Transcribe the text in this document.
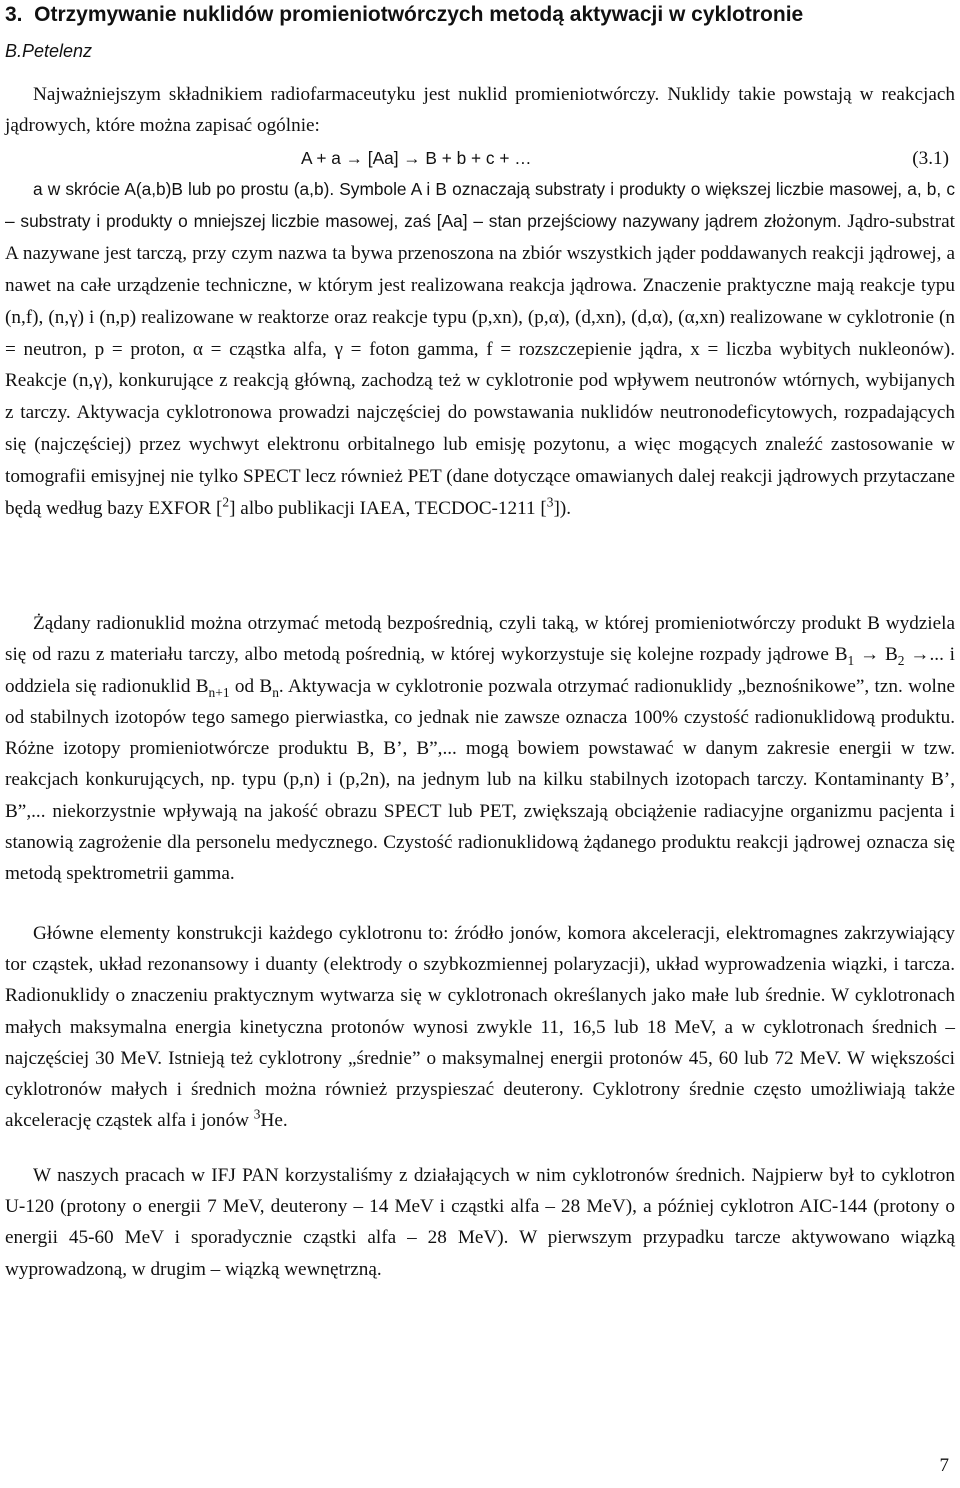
3.  Otrzymywanie nuklidów promieniotwórczych metodą aktywacji w cyklotronie
B.Petelenz

Najważniejszym składnikiem radiofarmaceutyku jest nuklid promieniotwórczy. Nuklidy takie powstają w reakcjach jądrowych, które można zapisać ogólnie:

A + a → [Aa] → B + b + c + …	(3.1)

a w skrócie A(a,b)B lub po prostu (a,b). Symbole A i B oznaczają substraty i produkty o większej liczbie masowej, a, b, c – substraty i produkty o mniejszej liczbie masowej, zaś [Aa] – stan przejściowy nazywany jądrem złożonym. Jądro-substrat A nazywane jest tarczą, przy czym nazwa ta bywa przenoszona na zbiór wszystkich jąder poddawanych reakcji jądrowej, a nawet na całe urządzenie techniczne, w którym jest realizowana reakcja jądrowa. Znaczenie praktyczne mają reakcje typu (n,f), (n,γ) i (n,p) realizowane w reaktorze oraz reakcje typu (p,xn), (p,α), (d,xn), (d,α), (α,xn) realizowane w cyklotronie (n = neutron, p = proton, α = cząstka alfa, γ = foton gamma, f = rozszczepienie jądra, x = liczba wybitych nukleonów). Reakcje (n,γ), konkurujące z reakcją główną, zachodzą też w cyklotronie pod wpływem neutronów wtórnych, wybijanych z tarczy. Aktywacja cyklotronowa prowadzi najczęściej do powstawania nuklidów neutronodeficytowych, rozpadających się (najczęściej) przez wychwyt elektronu orbitalnego lub emisję pozytonu, a więc mogących znaleźć zastosowanie w tomografii emisyjnej nie tylko SPECT lecz również PET (dane dotyczące omawianych dalej reakcji jądrowych przytaczane będą według bazy EXFOR [$^2$] albo publikacji IAEA, TECDOC-1211 [$^3$]).

Żądany radionuklid można otrzymać metodą bezpośrednią, czyli taką, w której promieniotwórczy produkt B wydziela się od razu z materiału tarczy, albo metodą pośrednią, w której wykorzystuje się kolejne rozpady jądrowe $B_1 \to B_2$ →... i oddziela się radionuklid $B_{n+1}$ od $B_n$. Aktywacja w cyklotronie pozwala otrzymać radionuklidy „beznośnikowe”, tzn. wolne od stabilnych izotopów tego samego pierwiastka, co jednak nie zawsze oznacza 100% czystość radionuklidową produktu. Różne izotopy promieniotwórcze produktu B, B’, B”,... mogą bowiem powstawać w danym zakresie energii w tzw. reakcjach konkurujących, np. typu (p,n) i (p,2n), na jednym lub na kilku stabilnych izotopach tarczy. Kontaminanty B’, B”,... niekorzystnie wpływają na jakość obrazu SPECT lub PET, zwiększają obciążenie radiacyjne organizmu pacjenta i stanowią zagrożenie dla personelu medycznego. Czystość radionuklidową żądanego produktu reakcji jądrowej oznacza się metodą spektrometrii gamma.

Główne elementy konstrukcji każdego cyklotronu to: źródło jonów, komora akceleracji, elektromagnes zakrzywiający tor cząstek, układ rezonansowy i duanty (elektrody o szybkozmiennej polaryzacji), układ wyprowadzenia wiązki, i tarcza. Radionuklidy o znaczeniu praktycznym wytwarza się w cyklotronach określanych jako małe lub średnie. W cyklotronach małych maksymalna energia kinetyczna protonów wynosi zwykle 11, 16,5 lub 18 MeV, a w cyklotronach średnich – najczęściej 30 MeV. Istnieją też cyklotrony „średnie” o maksymalnej energii protonów 45, 60 lub 72 MeV. W większości cyklotronów małych i średnich można również przyspieszać deuterony. Cyklotrony średnie często umożliwiają także akcelerację cząstek alfa i jonów $^3$He.

W naszych pracach w IFJ PAN korzystaliśmy z działających w nim cyklotronów średnich. Najpierw był to cyklotron U-120 (protony o energii 7 MeV, deuterony – 14 MeV i cząstki alfa – 28 MeV), a później cyklotron AIC-144 (protony o energii 45-60 MeV i sporadycznie cząstki alfa – 28 MeV). W pierwszym przypadku tarcze aktywowano wiązką wyprowadzoną, w drugim – wiązką wewnętrzną.

7
